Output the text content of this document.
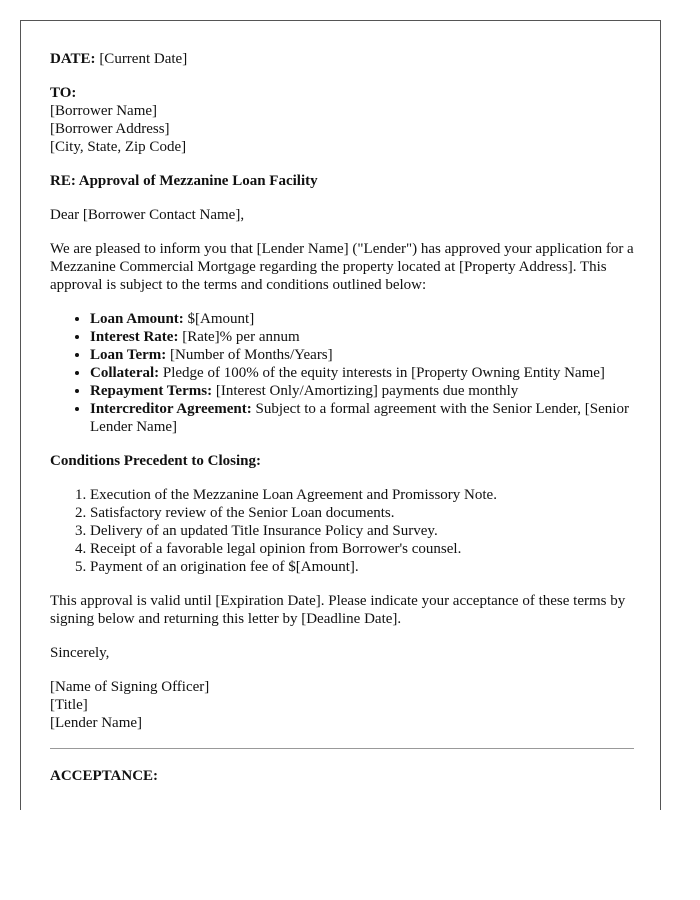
DATE: [Current Date]

TO:
[Borrower Name]
[Borrower Address]
[City, State, Zip Code]

RE: Approval of Mezzanine Loan Facility

Dear [Borrower Contact Name],

We are pleased to inform you that [Lender Name] ("Lender") has approved your application for a Mezzanine Commercial Mortgage regarding the property located at [Property Address]. This approval is subject to the terms and conditions outlined below:

• Loan Amount: $[Amount]
• Interest Rate: [Rate]% per annum
• Loan Term: [Number of Months/Years]
• Collateral: Pledge of 100% of the equity interests in [Property Owning Entity Name]
• Repayment Terms: [Interest Only/Amortizing] payments due monthly
• Intercreditor Agreement: Subject to a formal agreement with the Senior Lender, [Senior Lender Name]

Conditions Precedent to Closing:

1. Execution of the Mezzanine Loan Agreement and Promissory Note.
2. Satisfactory review of the Senior Loan documents.
3. Delivery of an updated Title Insurance Policy and Survey.
4. Receipt of a favorable legal opinion from Borrower's counsel.
5. Payment of an origination fee of $[Amount].

This approval is valid until [Expiration Date]. Please indicate your acceptance of these terms by signing below and returning this letter by [Deadline Date].

Sincerely,

[Name of Signing Officer]
[Title]
[Lender Name]

ACCEPTANCE:
